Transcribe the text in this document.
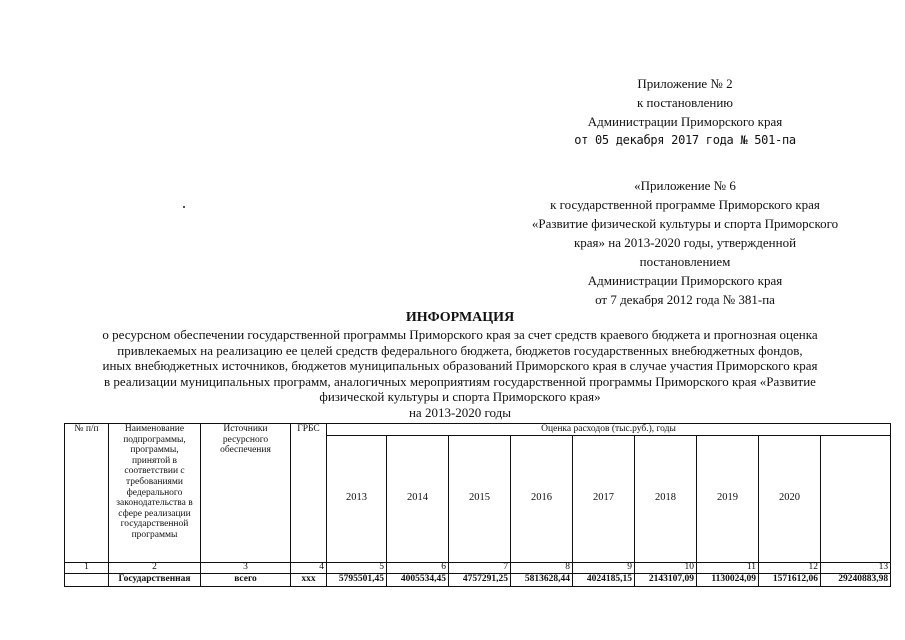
Приложение № 2
к постановлению
Администрации Приморского края
от 05 декабря 2017 года № 501-па
«Приложение № 6
к государственной программе Приморского края
«Развитие физической культуры и спорта Приморского
края» на 2013-2020 годы, утвержденной
постановлением
Администрации Приморского края
от 7 декабря 2012 года № 381-па
ИНФОРМАЦИЯ
о ресурсном обеспечении государственной программы Приморского края за счет средств краевого бюджета и прогнозная оценка
привлекаемых на реализацию ее целей средств федерального бюджета, бюджетов государственных внебюджетных фондов,
иных внебюджетных источников, бюджетов муниципальных образований Приморского края в случае участия Приморского края
в реализации муниципальных программ, аналогичных мероприятиям государственной программы Приморского края «Развитие
физической культуры и спорта Приморского края»
на 2013-2020 годы
№ п/п	Наименование подпрограммы, программы, принятой в соответствии с требованиями федерального законодательства в сфере реализации государственной программы	Источники ресурсного обеспечения	ГРБС	Оценка расходов (тыс.руб.), годы								
				2013	2014	2015	2016	2017	2018	2019	2020	
1	2	3	4	5	6	7	8	9	10	11	12	13
	Государственная	всего	ххх	5795501,45	4005534,45	4757291,25	5813628,44	4024185,15	2143107,09	1130024,09	1571612,06	29240883,98
